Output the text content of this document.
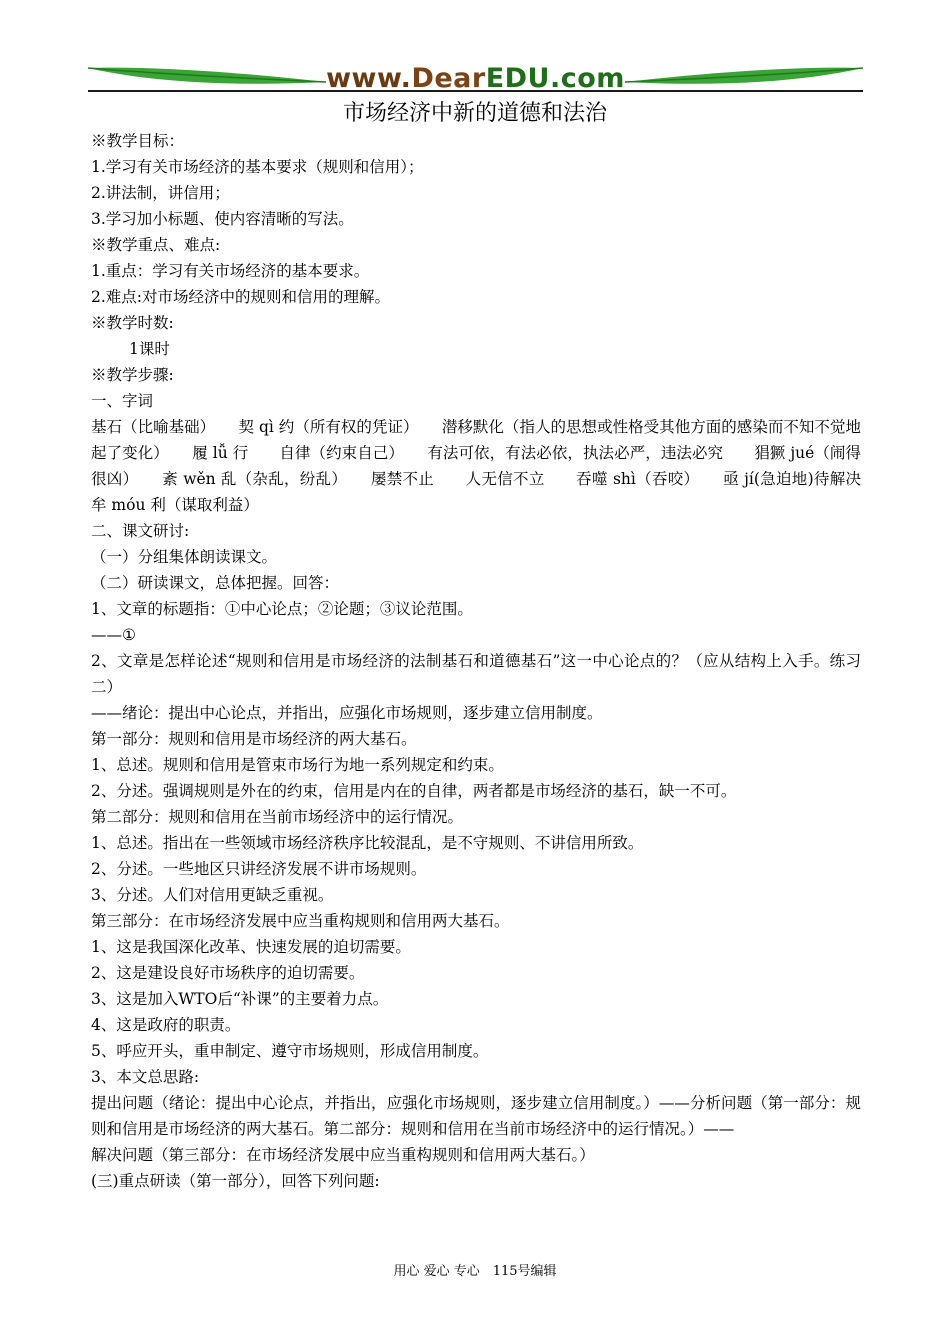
www.DearEDU.com
市场经济中新的道德和法治

※教学目标：

1.学习有关市场经济的基本要求（规则和信用）；

2.讲法制，讲信用；

3.学习加小标题、使内容清晰的写法。

※教学重点、难点:

1.重点：学习有关市场经济的基本要求。

2.难点:对市场经济中的规则和信用的理解。

※教学时数:

1课时

※教学步骤:

一、字词

基石（比喻基础）　　契 qì 约（所有权的凭证）　　潜移默化（指人的思想或性格受其他方面的感染而不知不觉地起了变化）　　履 lǚ 行　　自律（约束自己）　　有法可依，有法必依，执法必严，违法必究　　猖獗 jué（闹得很凶）　　紊 wěn 乱（杂乱，纷乱）　　屡禁不止　　人无信不立　　吞噬 shì（吞咬）　　亟 jí(急迫地)待解决　　牟 móu 利（谋取利益）

二、课文研讨:

（一）分组集体朗读课文。

（二）研读课文，总体把握。回答：

1、文章的标题指：①中心论点；②论题；③议论范围。

——①

2、文章是怎样论述“规则和信用是市场经济的法制基石和道德基石”这一中心论点的？（应从结构上入手。练习二）

——绪论：提出中心论点，并指出，应强化市场规则，逐步建立信用制度。

第一部分：规则和信用是市场经济的两大基石。

1、总述。规则和信用是管束市场行为地一系列规定和约束。

2、分述。强调规则是外在的约束，信用是内在的自律，两者都是市场经济的基石，缺一不可。

第二部分：规则和信用在当前市场经济中的运行情况。

1、总述。指出在一些领域市场经济秩序比较混乱，是不守规则、不讲信用所致。

2、分述。一些地区只讲经济发展不讲市场规则。

3、分述。人们对信用更缺乏重视。

第三部分：在市场经济发展中应当重构规则和信用两大基石。

1、这是我国深化改革、快速发展的迫切需要。

2、这是建设良好市场秩序的迫切需要。

3、这是加入WTO后“补课”的主要着力点。

4、这是政府的职责。

5、呼应开头，重申制定、遵守市场规则，形成信用制度。

3、本文总思路:

提出问题（绪论：提出中心论点，并指出，应强化市场规则，逐步建立信用制度。）——分析问题（第一部分：规则和信用是市场经济的两大基石。第二部分：规则和信用在当前市场经济中的运行情况。）——

解决问题（第三部分：在市场经济发展中应当重构规则和信用两大基石。）

(三)重点研读（第一部分），回答下列问题:

用心 爱心 专心　115号编辑
